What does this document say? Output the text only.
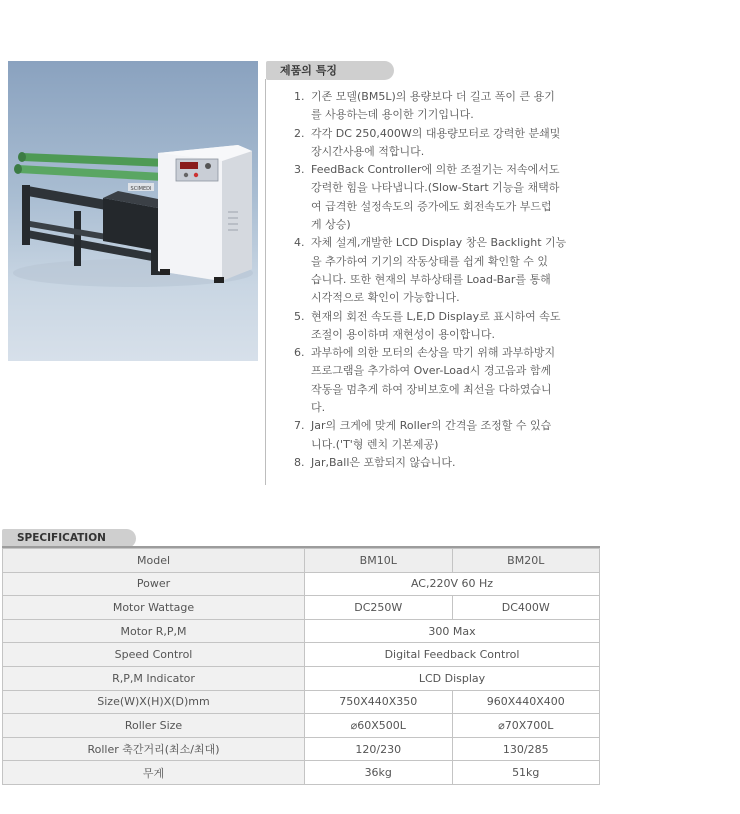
SCIMEDI
제품의 특징
1. 기존 모델(BM5L)의 용량보다 더 길고 폭이 큰 용기
를 사용하는데 용이한 기기입니다.
2. 각각 DC 250,400W의 대용량모터로 강력한 분쇄및
장시간사용에 적합니다.
3. FeedBack Controller에 의한 조절기는 저속에서도
강력한 힘을 나타냅니다.(Slow-Start 기능을 채택하
여 급격한 설정속도의 증가에도 회전속도가 부드럽
게 상승)
4. 자체 설계,개발한 LCD Display 창은 Backlight 기능
을 추가하여 기기의 작동상태를 쉽게 확인할 수 있
습니다. 또한 현재의 부하상태를 Load-Bar를 통해
시각적으로 확인이 가능합니다.
5. 현재의 회전 속도를 L,E,D Display로 표시하여 속도
조절이 용이하며 재현성이 용이합니다.
6. 과부하에 의한 모터의 손상을 막기 위해 과부하방지
프로그램을 추가하여 Over-Load시 경고음과 함께
작동을 멈추게 하여 장비보호에 최선을 다하였습니
다.
7. Jar의 크게에 맞게 Roller의 간격을 조정할 수 있습
니다.('T'형 렌치 기본제공)
8. Jar,Ball은 포함되지 않습니다.
SPECIFICATION
Model	BM10L	BM20L
Power	AC,220V 60 Hz	
Motor Wattage	DC250W	DC400W
Motor R,P,M	300 Max	
Speed Control	Digital Feedback Control	
R,P,M Indicator	LCD Display	
Size(W)X(H)X(D)mm	750X440X350	960X440X400
Roller Size	⌀60X500L	⌀70X700L
Roller 축간거리(최소/최대)	120/230	130/285
무게	36kg	51kg
